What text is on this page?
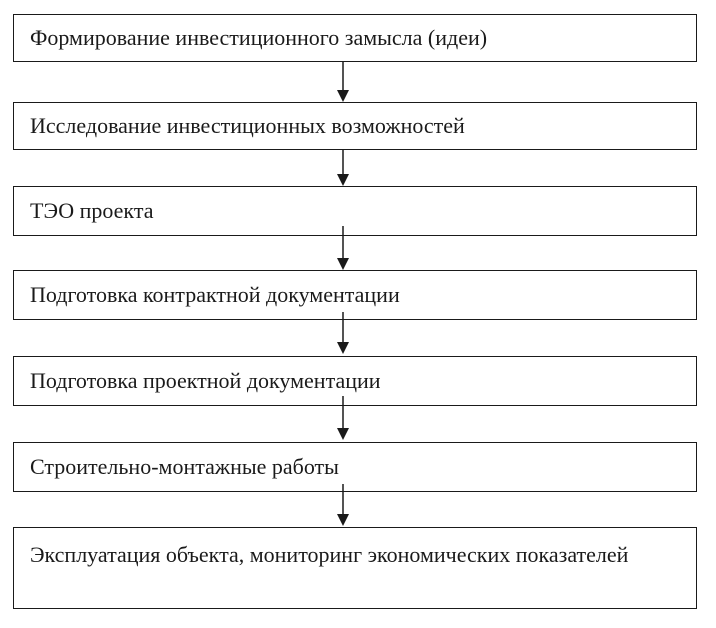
Формирование инвестиционного замысла (идеи)
Исследование инвестиционных возможностей
ТЭО проекта
Подготовка контрактной документации
Подготовка проектной документации
Строительно-монтажные работы
Эксплуатация объекта, мониторинг экономических показателей
